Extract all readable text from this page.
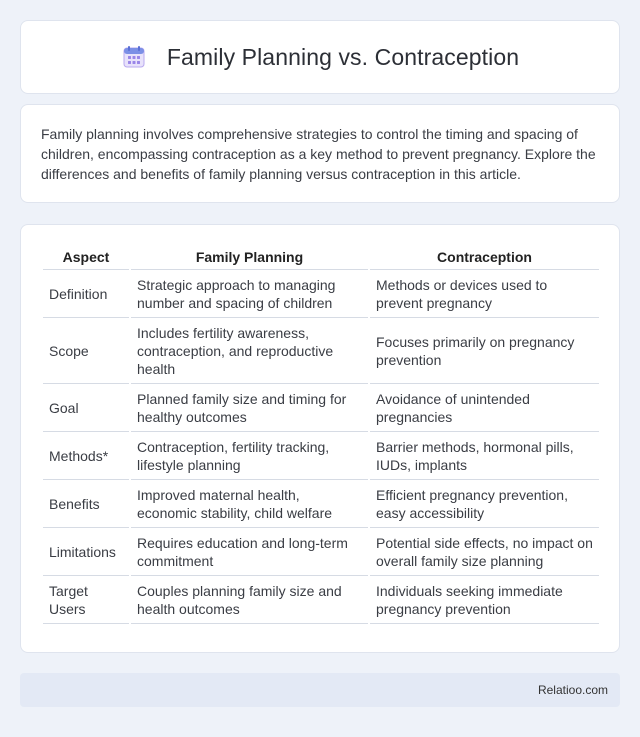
Family Planning vs. Contraception

Family planning involves comprehensive strategies to control the timing and spacing of children, encompassing contraception as a key method to prevent pregnancy. Explore the differences and benefits of family planning versus contraception in this article.

Aspect	Family Planning	Contraception
Definition	Strategic approach to managing number and spacing of children	Methods or devices used to prevent pregnancy
Scope	Includes fertility awareness, contraception, and reproductive health	Focuses primarily on pregnancy prevention
Goal	Planned family size and timing for healthy outcomes	Avoidance of unintended pregnancies
Methods*	Contraception, fertility tracking, lifestyle planning	Barrier methods, hormonal pills, IUDs, implants
Benefits	Improved maternal health, economic stability, child welfare	Efficient pregnancy prevention, easy accessibility
Limitations	Requires education and long-term commitment	Potential side effects, no impact on overall family size planning
Target Users	Couples planning family size and health outcomes	Individuals seeking immediate pregnancy prevention
Relatioo.com
